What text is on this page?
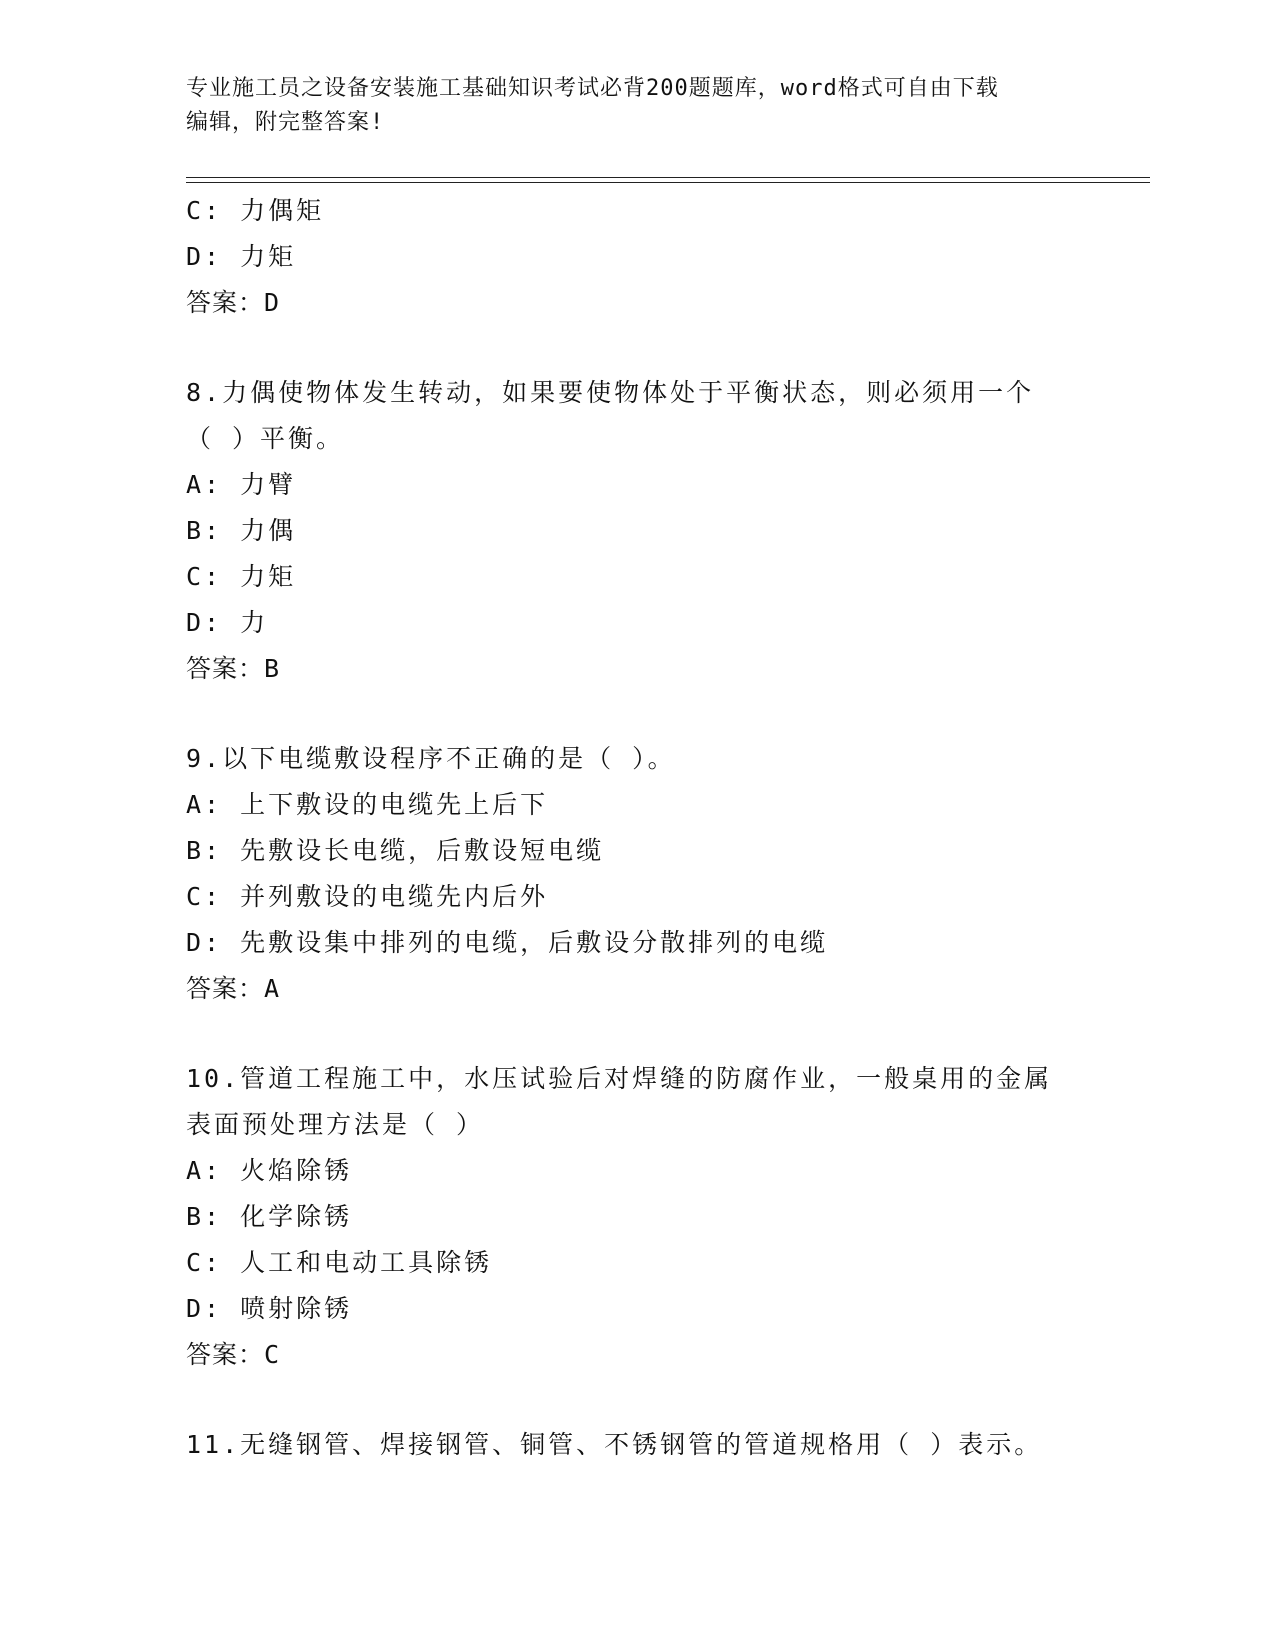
专业施工员之设备安装施工基础知识考试必背200题题库，word格式可自由下载
编辑，附完整答案!
C: 力偶矩
D: 力矩
答案：D
8.力偶使物体发生转动，如果要使物体处于平衡状态，则必须用一个
（ ）平衡。
A: 力臂
B: 力偶
C: 力矩
D: 力
答案：B
9.以下电缆敷设程序不正确的是（ ）。
A: 上下敷设的电缆先上后下
B: 先敷设长电缆，后敷设短电缆
C: 并列敷设的电缆先内后外
D: 先敷设集中排列的电缆，后敷设分散排列的电缆
答案：A
10.管道工程施工中，水压试验后对焊缝的防腐作业，一般桌用的金属
表面预处理方法是（ ）
A: 火焰除锈
B: 化学除锈
C: 人工和电动工具除锈
D: 喷射除锈
答案：C
11.无缝钢管、焊接钢管、铜管、不锈钢管的管道规格用（ ）表示。
